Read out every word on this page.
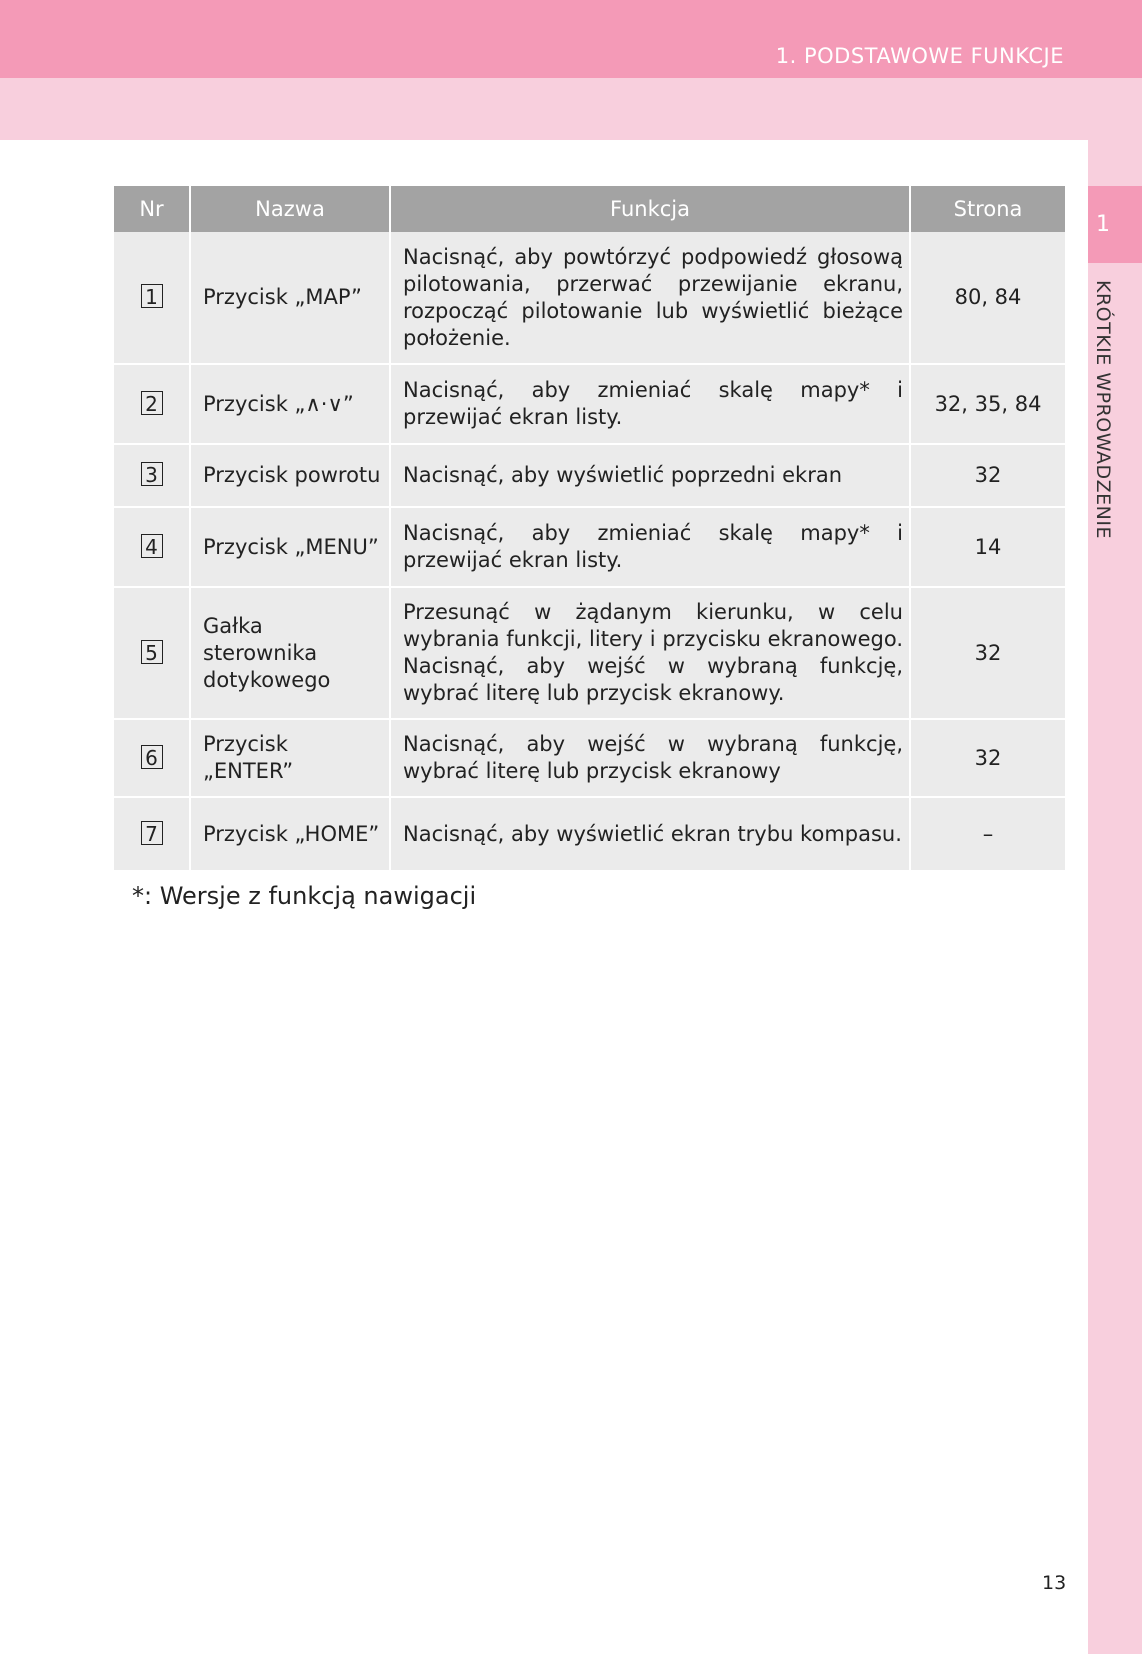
1. PODSTAWOWE FUNKCJE
1
KRÓTKIE WPROWADZENIE
Nr	Nazwa	Funkcja	Strona
1	Przycisk „MAP”	Nacisnąć, aby powtórzyć podpowiedź głosową pilotowania, przerwać przewijanie ekranu, rozpocząć pilotowanie lub wyświetlić bieżące położenie.	80, 84
2	Przycisk „∧·∨”	Nacisnąć, aby zmieniać skalę mapy* i przewijać ekran listy.	32, 35, 84
3	Przycisk powrotu	Nacisnąć, aby wyświetlić poprzedni ekran	32
4	Przycisk „MENU”	Nacisnąć, aby zmieniać skalę mapy* i przewijać ekran listy.	14
5	Gałka sterownika dotykowego	Przesunąć w żądanym kierunku, w celu wybrania funkcji, litery i przycisku ekranowego. Nacisnąć, aby wejść w wybraną funkcję, wybrać literę lub przycisk ekranowy.	32
6	Przycisk „ENTER”	Nacisnąć, aby wejść w wybraną funkcję, wybrać literę lub przycisk ekranowy	32
7	Przycisk „HOME”	Nacisnąć, aby wyświetlić ekran trybu kompasu.	–
*: Wersje z funkcją nawigacji
13
